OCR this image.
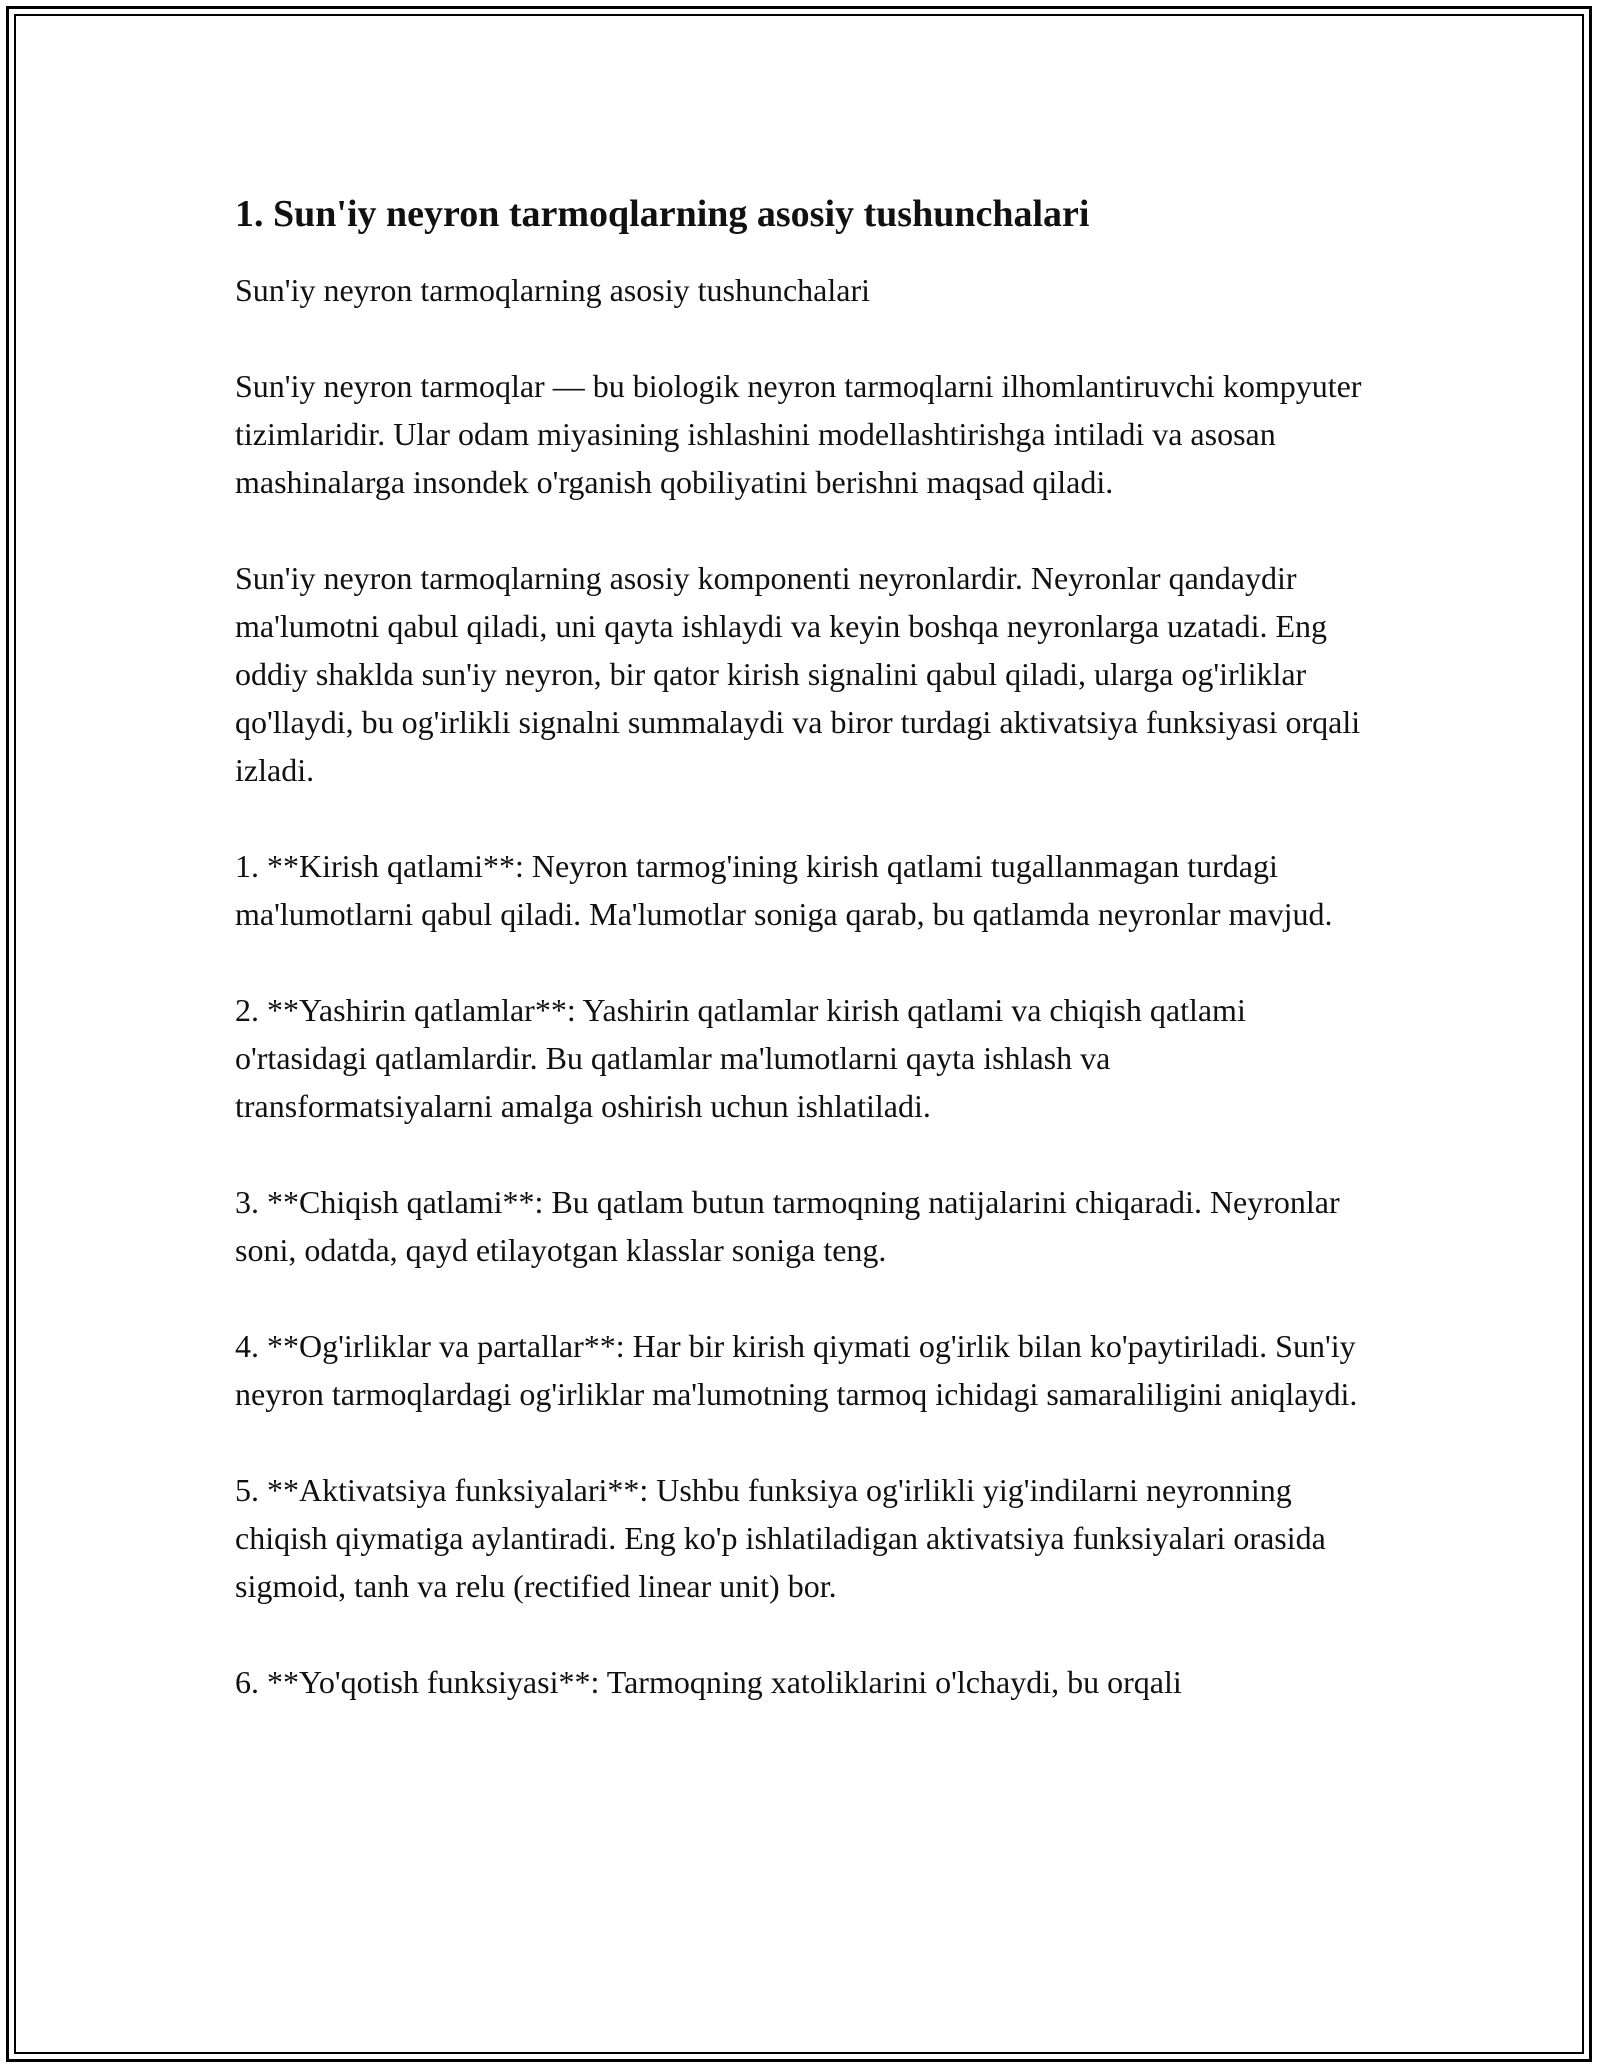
1. Sun'iy neyron tarmoqlarning asosiy tushunchalari

Sun'iy neyron tarmoqlarning asosiy tushunchalari

Sun'iy neyron tarmoqlar — bu biologik neyron tarmoqlarni ilhomlantiruvchi kompyuter tizimlaridir. Ular odam miyasining ishlashini modellashtirishga intiladi va asosan mashinalarga insondek o'rganish qobiliyatini berishni maqsad qiladi.

Sun'iy neyron tarmoqlarning asosiy komponenti neyronlardir. Neyronlar qandaydir ma'lumotni qabul qiladi, uni qayta ishlaydi va keyin boshqa neyronlarga uzatadi. Eng oddiy shaklda sun'iy neyron, bir qator kirish signalini qabul qiladi, ularga og'irliklar qo'llaydi, bu og'irlikli signalni summalaydi va biror turdagi aktivatsiya funksiyasi orqali izladi.

1. **Kirish qatlami**: Neyron tarmog'ining kirish qatlami tugallanmagan turdagi ma'lumotlarni qabul qiladi. Ma'lumotlar soniga qarab, bu qatlamda neyronlar mavjud.

2. **Yashirin qatlamlar**: Yashirin qatlamlar kirish qatlami va chiqish qatlami o'rtasidagi qatlamlardir. Bu qatlamlar ma'lumotlarni qayta ishlash va transformatsiyalarni amalga oshirish uchun ishlatiladi.

3. **Chiqish qatlami**: Bu qatlam butun tarmoqning natijalarini chiqaradi. Neyronlar soni, odatda, qayd etilayotgan klasslar soniga teng.

4. **Og'irliklar va partallar**: Har bir kirish qiymati og'irlik bilan ko'paytiriladi. Sun'iy neyron tarmoqlardagi og'irliklar ma'lumotning tarmoq ichidagi samaraliligini aniqlaydi.

5. **Aktivatsiya funksiyalari**: Ushbu funksiya og'irlikli yig'indilarni neyronning chiqish qiymatiga aylantiradi. Eng ko'p ishlatiladigan aktivatsiya funksiyalari orasida sigmoid, tanh va relu (rectified linear unit) bor.

6. **Yo'qotish funksiyasi**: Tarmoqning xatoliklarini o'lchaydi, bu orqali
